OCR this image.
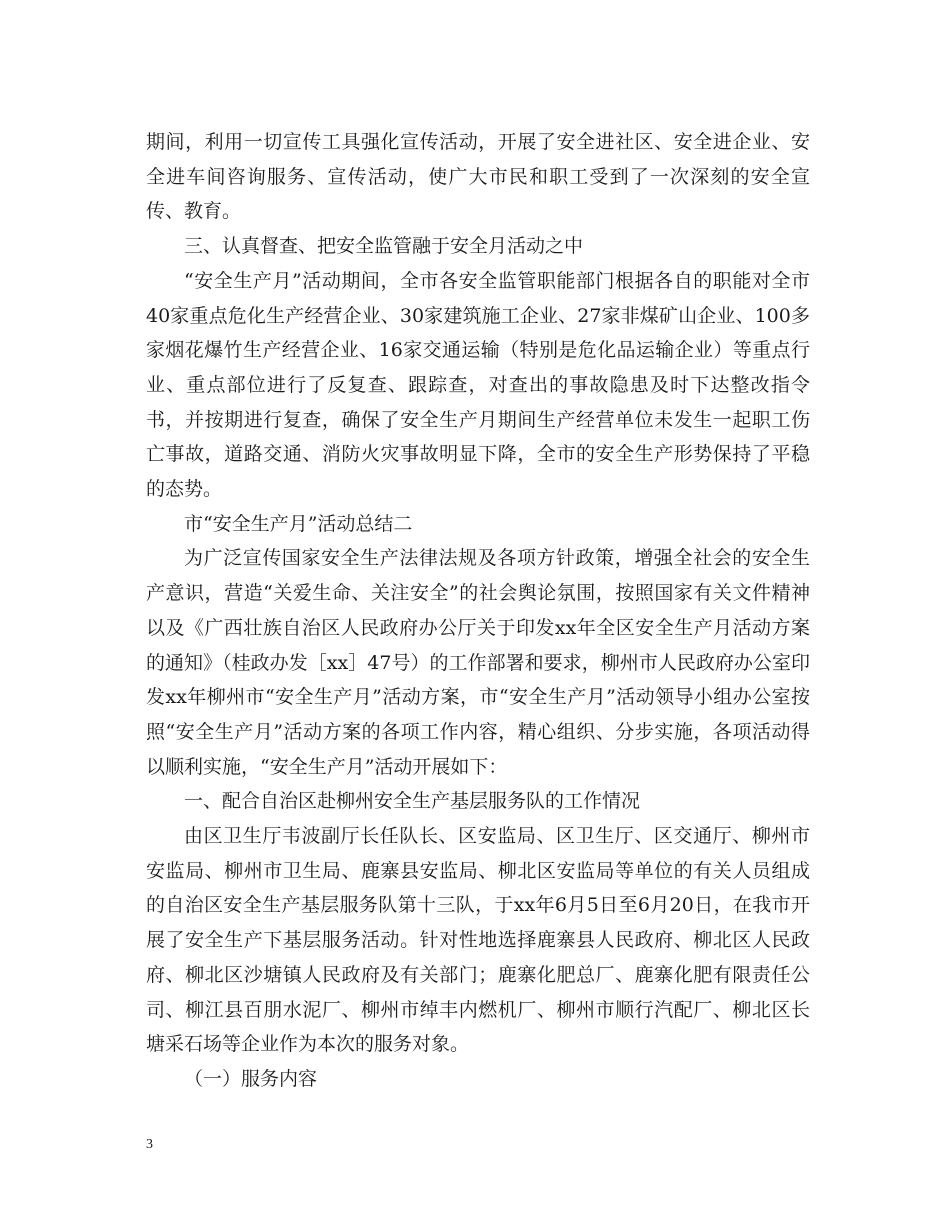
期间，利用一切宣传工具强化宣传活动，开展了安全进社区、安全进企业、安全进车间咨询服务、宣传活动，使广大市民和职工受到了一次深刻的安全宣传、教育。

三、认真督查、把安全监管融于安全月活动之中

“安全生产月”活动期间，全市各安全监管职能部门根据各自的职能对全市40家重点危化生产经营企业、30家建筑施工企业、27家非煤矿山企业、100多家烟花爆竹生产经营企业、16家交通运输（特别是危化品运输企业）等重点行业、重点部位进行了反复查、跟踪查，对查出的事故隐患及时下达整改指令书，并按期进行复查，确保了安全生产月期间生产经营单位未发生一起职工伤亡事故，道路交通、消防火灾事故明显下降，全市的安全生产形势保持了平稳的态势。

市“安全生产月”活动总结二

为广泛宣传国家安全生产法律法规及各项方针政策，增强全社会的安全生产意识，营造“关爱生命、关注安全”的社会舆论氛围，按照国家有关文件精神以及《广西壮族自治区人民政府办公厅关于印发xx年全区安全生产月活动方案的通知》（桂政办发［xx］47号）的工作部署和要求，柳州市人民政府办公室印发xx年柳州市“安全生产月”活动方案，市“安全生产月”活动领导小组办公室按照“安全生产月”活动方案的各项工作内容，精心组织、分步实施，各项活动得以顺利实施，“安全生产月”活动开展如下：

一、配合自治区赴柳州安全生产基层服务队的工作情况

由区卫生厅韦波副厅长任队长、区安监局、区卫生厅、区交通厅、柳州市安监局、柳州市卫生局、鹿寨县安监局、柳北区安监局等单位的有关人员组成的自治区安全生产基层服务队第十三队，于xx年6月5日至6月20日，在我市开展了安全生产下基层服务活动。针对性地选择鹿寨县人民政府、柳北区人民政府、柳北区沙塘镇人民政府及有关部门；鹿寨化肥总厂、鹿寨化肥有限责任公司、柳江县百朋水泥厂、柳州市绰丰内燃机厂、柳州市顺行汽配厂、柳北区长塘采石场等企业作为本次的服务对象。

（一）服务内容

3
